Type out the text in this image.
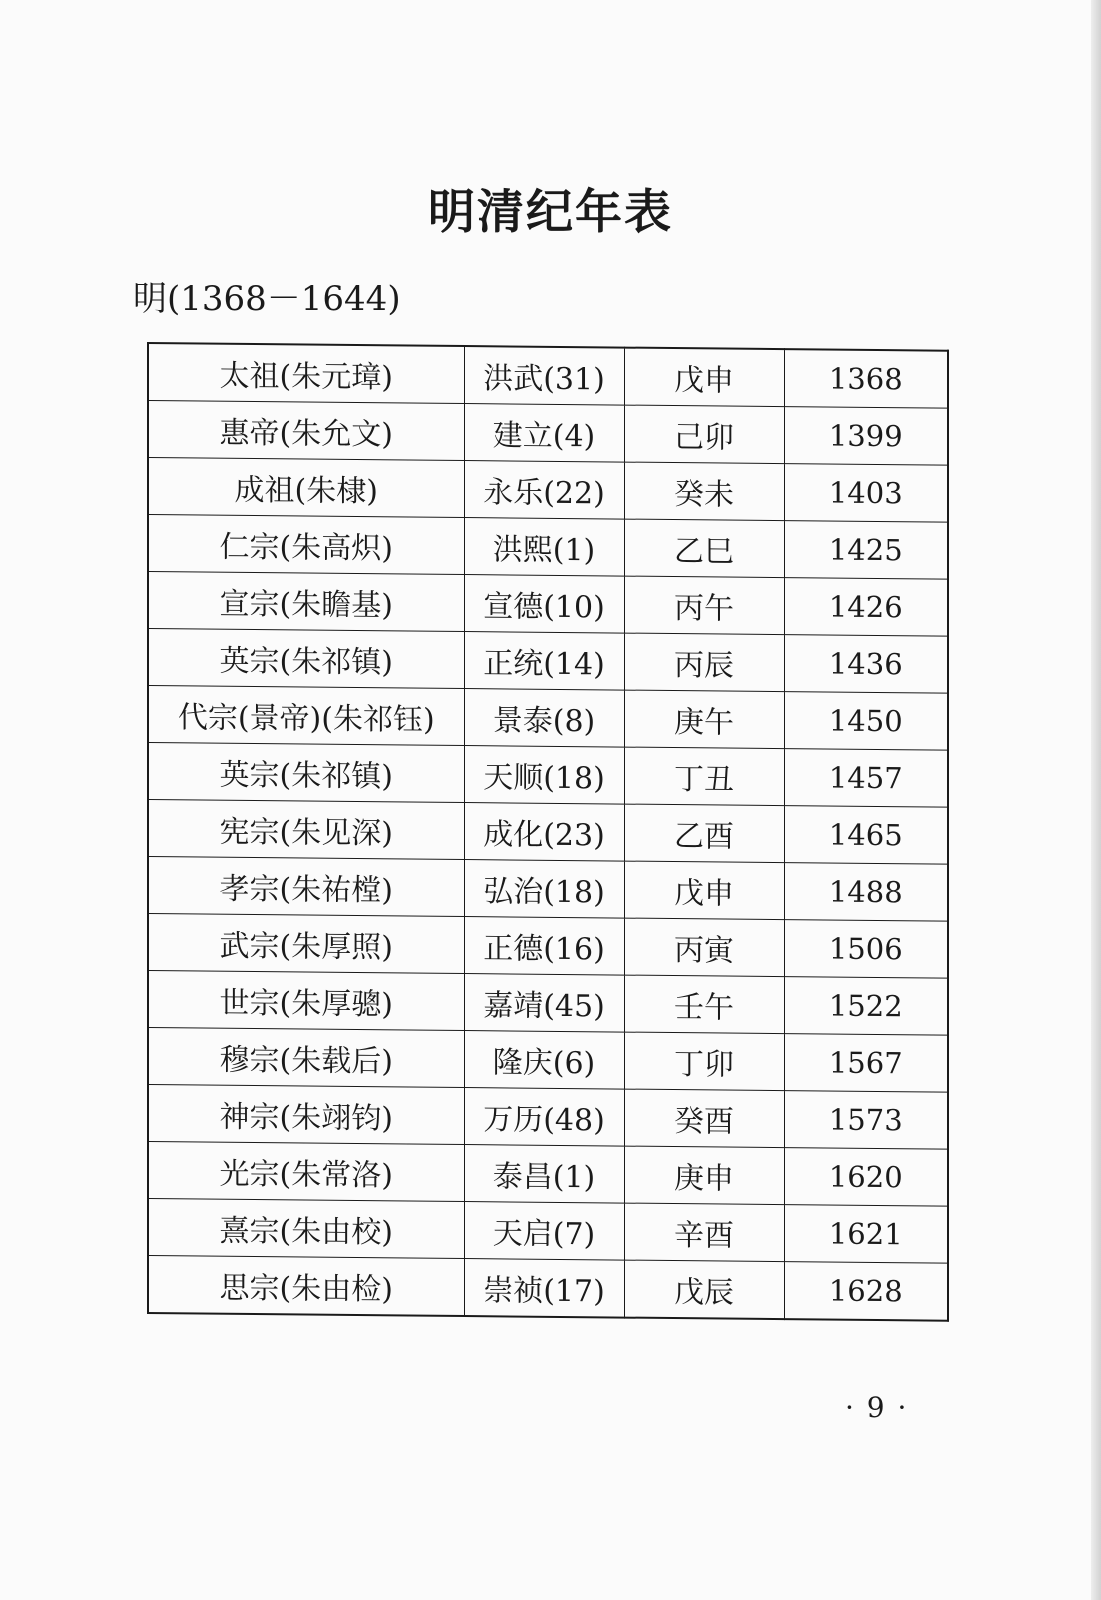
明清纪年表
明(1368－1644)
太祖(朱元璋)	洪武(31)	戊申	1368
惠帝(朱允文)	建立(4)	己卯	1399
成祖(朱棣)	永乐(22)	癸未	1403
仁宗(朱高炽)	洪熙(1)	乙巳	1425
宣宗(朱瞻基)	宣德(10)	丙午	1426
英宗(朱祁镇)	正统(14)	丙辰	1436
代宗(景帝)(朱祁钰)	景泰(8)	庚午	1450
英宗(朱祁镇)	天顺(18)	丁丑	1457
宪宗(朱见深)	成化(23)	乙酉	1465
孝宗(朱祐樘)	弘治(18)	戊申	1488
武宗(朱厚照)	正德(16)	丙寅	1506
世宗(朱厚骢)	嘉靖(45)	壬午	1522
穆宗(朱载后)	隆庆(6)	丁卯	1567
神宗(朱翊钧)	万历(48)	癸酉	1573
光宗(朱常洛)	泰昌(1)	庚申	1620
熹宗(朱由校)	天启(7)	辛酉	1621
思宗(朱由检)	崇祯(17)	戊辰	1628
· 9 ·
